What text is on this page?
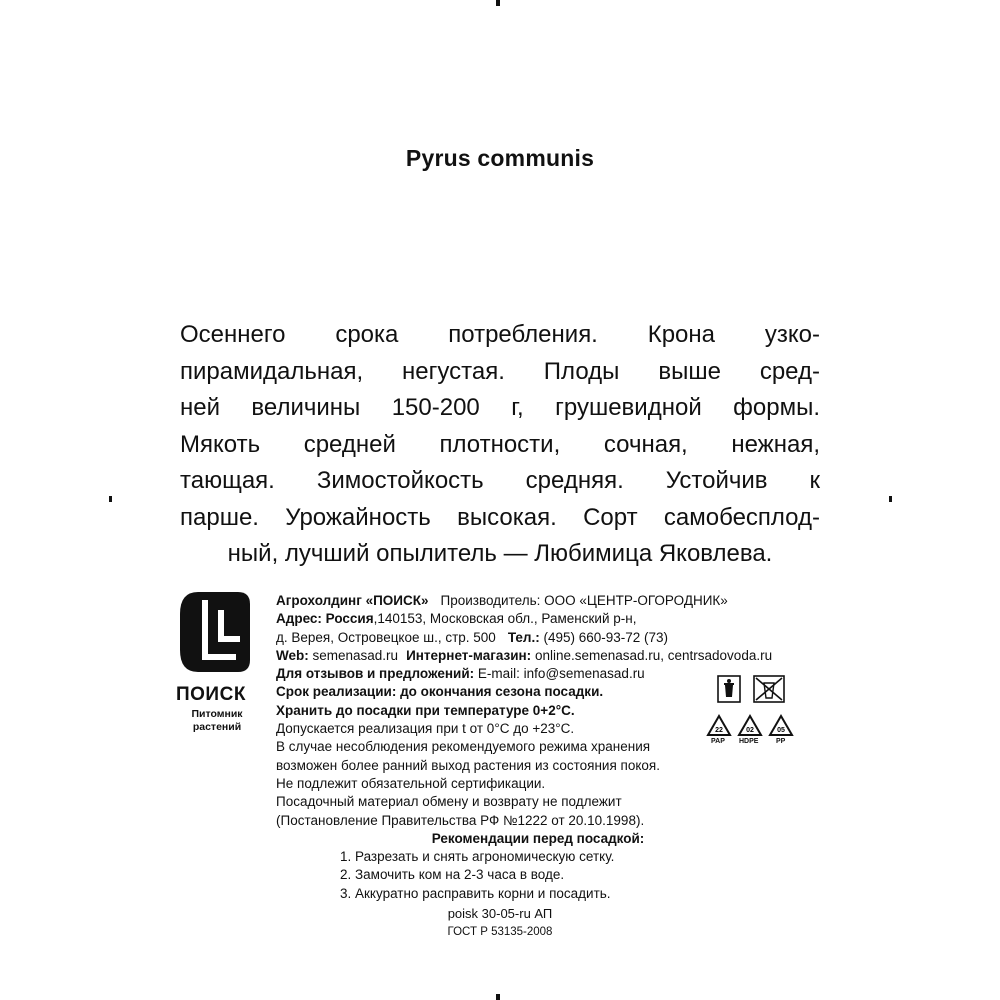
Pyrus communis
Осеннего срока потребления. Крона узко-
пирамидальная, негустая. Плоды выше сред-
ней величины 150-200 г, грушевидной формы.
Мякоть средней плотности, сочная, нежная,
тающая. Зимостойкость средняя. Устойчив к
парше. Урожайность высокая. Сорт самобесплод-
ный, лучший опылитель — Любимица Яковлева.
ПОИСК
Питомник
растений
Агрохолдинг «ПОИСК» Производитель: ООО «ЦЕНТР-ОГОРОДНИК»
Адрес: Россия,140153, Московская обл., Раменский р-н,
д. Верея, Островецкое ш., стр. 500 Тел.: (495) 660-93-72 (73)
Web: semenasad.ru Интернет-магазин: online.semenasad.ru, centrsadovoda.ru
Для отзывов и предложений: E-mail: info@semenasad.ru
Срок реализации: до окончания сезона посадки.
Хранить до посадки при температуре 0+2°С.
Допускается реализация при t от 0°С до +23°С.
В случае несоблюдения рекомендуемого режима хранения
возможен более ранний выход растения из состояния покоя.
Не подлежит обязательной сертификации.
Посадочный материал обмену и возврату не подлежит
(Постановление Правительства РФ №1222 от 20.10.1998).
22	02	05
PAP HDPE	PP
Рекомендации перед посадкой:
1. Разрезать и снять агрономическую сетку.
2. Замочить ком на 2-3 часа в воде.
3. Аккуратно расправить корни и посадить.
poisk 30-05-ru АП
ГОСТ Р 53135-2008
